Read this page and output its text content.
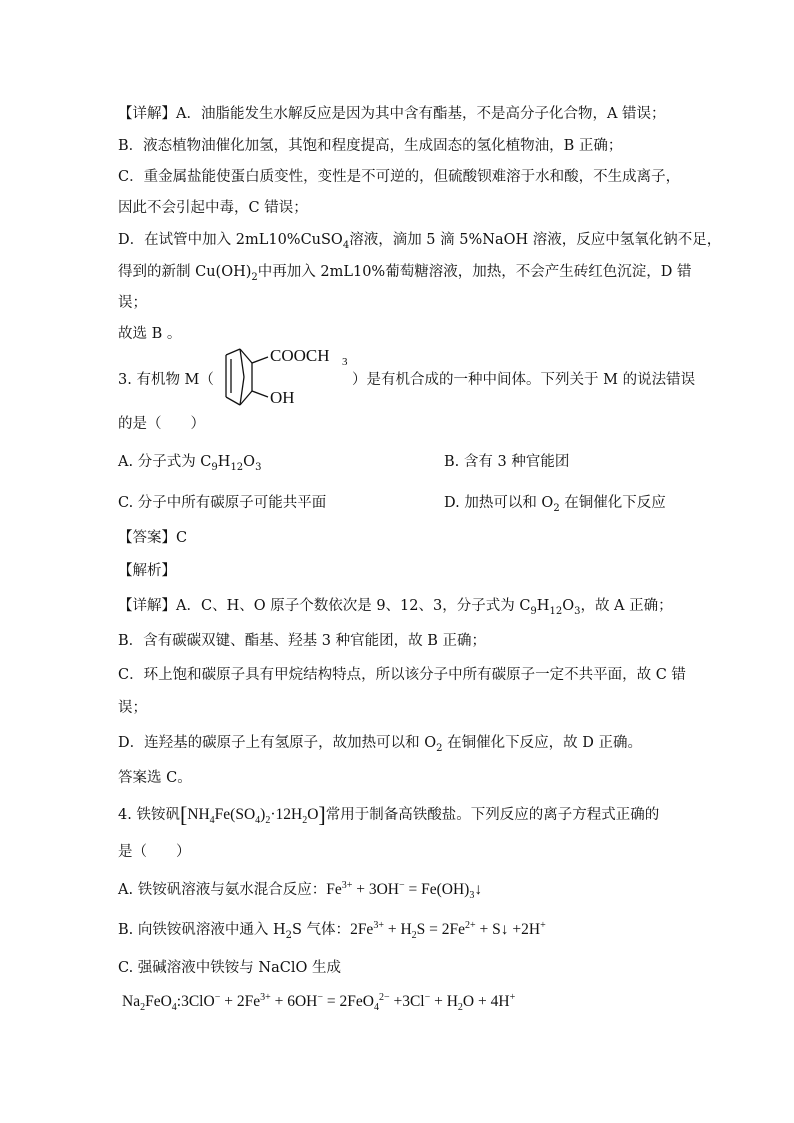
【详解】A．油脂能发生水解反应是因为其中含有酯基，不是高分子化合物，A 错误；
B．液态植物油催化加氢，其饱和程度提高，生成固态的氢化植物油，B 正确；
C．重金属盐能使蛋白质变性，变性是不可逆的，但硫酸钡难溶于水和酸，不生成离子，
因此不会引起中毒，C 错误；
D．在试管中加入 2mL10%CuSO$_4$溶液，滴加 5 滴 5%NaOH 溶液，反应中氢氧化钠不足，
得到的新制 $Cu(OH)_2$中再加入 2mL10%葡萄糖溶液，加热，不会产生砖红色沉淀，D 错
误；
故选 B 。
3. 有机物 M（	）是有机合成的一种中间体。下列关于 M 的说法错误
COOCH 3
OH
的是（　　）
A. 分子式为 $C_9H_{12}O_3$	B. 含有 3 种官能团
C. 分子中所有碳原子可能共平面	D. 加热可以和 $O_2$ 在铜催化下反应
【答案】C
【解析】
【详解】A．C、H、O 原子个数依次是 9、12、3，分子式为 $C_9H_{12}O_3$，故 A 正确；
B．含有碳碳双键、酯基、羟基 3 种官能团，故 B 正确；
C．环上饱和碳原子具有甲烷结构特点，所以该分子中所有碳原子一定不共平面，故 C 错
误；
D．连羟基的碳原子上有氢原子，故加热可以和 $O_2$ 在铜催化下反应，故 D 正确。
答案选 C。
4. 铁铵矾$[NH_4Fe(SO_4)_2\cdot 12H_2O]$常用于制备高铁酸盐。下列反应的离子方程式正确的
是（　　）
A. 铁铵矾溶液与氨水混合反应：$Fe^{3+} + 3OH^-$ = $Fe(OH)_3↓$
B. 向铁铵矾溶液中通入 $H_2S$ 气体：$2Fe^{3+} + H_2S = 2Fe^{2+}$ + S↓ +2H+
C. 强碱溶液中铁铵与 NaClO 生成
$Na_2FeO_4:3ClO^- + 2Fe^{3+} + 6OH^- = 2FeO_4^{2-} +3Cl^- + H_2O + 4H^+$
